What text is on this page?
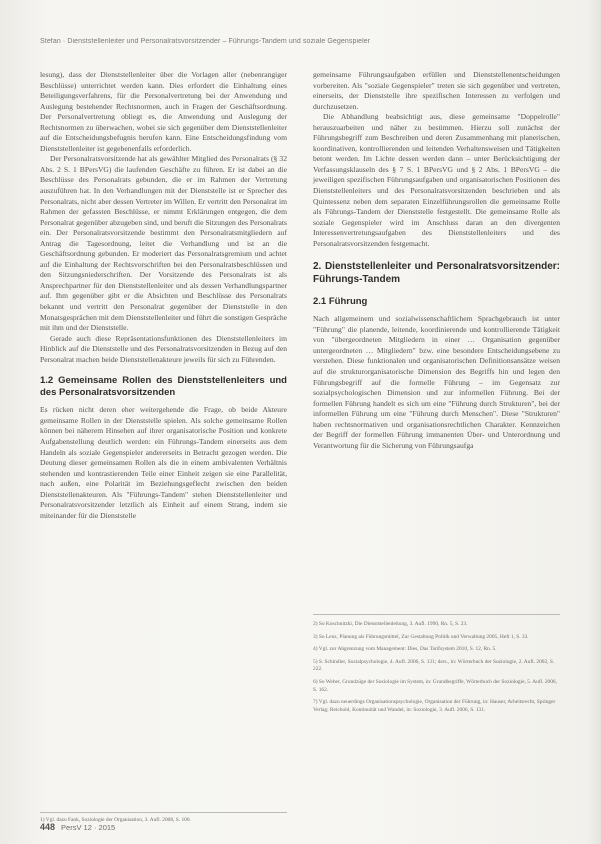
Stefan · Dienststellenleiter und Personalratsvorsitzender – Führungs-Tandem und soziale Gegenspieler

lesung), dass der Dienststellenleiter über die Vorlagen aller (nebenrangiger Beschlüsse) unterrichtet werden kann. Dies erfordert die Einhaltung eines Beteiligungsverfahrens, für die Personalvertretung bei der Anwendung und Auslegung bestehender Rechtsnormen, auch in Fragen der Geschäftsordnung. Der Personalvertretung obliegt es, die Anwendung und Auslegung der Rechtsnormen zu überwachen, wobei sie sich gegenüber dem Dienststellenleiter auf die Entscheidungsbefugnis berufen kann. Eine Entscheidungsfindung vom Dienststellenleiter ist gegebenenfalls erforderlich.

Der Personalratsvorsitzende hat als gewählter Mitglied des Personalrats (§ 32 Abs. 2 S. 1 BPersVG) die laufenden Geschäfte zu führen. Er ist dabei an die Beschlüsse des Personalrats gebunden, die er im Rahmen der Vertretung auszuführen hat. In den Verhandlungen mit der Dienststelle ist er Sprecher des Personalrats, nicht aber dessen Vertreter im Willen. Er vertritt den Personalrat im Rahmen der gefassten Beschlüsse, er nimmt Erklärungen entgegen, die dem Personalrat gegenüber abzugeben sind, und beruft die Sitzungen des Personalrats ein. Der Personalratsvorsitzende bestimmt den Personalratsmitgliedern auf Antrag die Tagesordnung, leitet die Verhandlung und ist an die Geschäftsordnung gebunden. Er moderiert das Personalratsgremium und achtet auf die Einhaltung der Rechtsvorschriften bei den Personalratsbeschlüssen und den Sitzungsniederschriften. Der Vorsitzende des Personalrats ist als Ansprechpartner für den Dienststellenleiter und als dessen Verhandlungspartner auf. Ihm gegenüber gibt er die Absichten und Beschlüsse des Personalrats bekannt und vertritt den Personalrat gegenüber der Dienststelle in den Monatsgesprächen mit dem Dienststellenleiter und führt die sonstigen Gespräche mit ihm und der Dienststelle.

Gerade auch diese Repräsentationsfunktionen des Dienststellenleiters im Hinblick auf die Dienststelle und des Personalratsvorsitzenden in Bezug auf den Personalrat machen beide Dienststellenakteure jeweils für sich zu Führenden.

1.2 Gemeinsame Rollen des Dienststellenleiters und des Personalratsvorsitzenden

Es rücken nicht deren eher weitergehende die Frage, ob beide Akteure gemeinsame Rollen in der Dienststelle spielen. Als solche gemeinsame Rollen können bei näherem Hinsehen auf ihrer organisatorische Position und konkrete Aufgabenstellung deutlich werden: ein Führungs-Tandem einerseits aus dem Handeln als soziale Gegenspieler andererseits in Betracht gezogen werden. Die Deutung dieser gemeinsamen Rollen als die in einem ambivalenten Verhältnis stehenden und kontrastierenden Teile einer Einheit zeigen sie eine Parallelität, nach außen, eine Polarität im Beziehungsgeflecht zwischen den beiden Dienststellenakteuren. Als "Führungs-Tandem" stehen Dienststellenleiter und Personalratsvorsitzender letztlich als Einheit auf einem Strang, indem sie miteinander für die Dienststelle

gemeinsame Führungsaufgaben erfüllen und Dienststellenentscheidungen vorbereiten. Als "soziale Gegenspieler" treten sie sich gegenüber und vertreten, einerseits, der Dienststelle ihre spezifischen Interessen zu verfolgen und durchzusetzen.

Die Abhandlung beabsichtigt aus, diese gemeinsame "Doppelrolle" herauszuarbeiten und näher zu bestimmen. Hierzu soll zunächst der Führungsbegriff zum Beschreiben und deren Zusammenhang mit planerischen, koordinativen, kontrollierenden und leitenden Verhaltensweisen und Tätigkeiten betont werden. Im Lichte dessen werden dann – unter Berücksichtigung der Verfassungsklauseln des § 7 S. 1 BPersVG und § 2 Abs. 1 BPersVG – die jeweiligen spezifischen Führungsaufgaben und organisatorischen Positionen des Dienststellenleiters und des Personalratsvorsitzenden beschrieben und als Quintessenz neben dem separaten Einzelführungsrollen die gemeinsame Rolle als Führungs-Tandem der Dienststelle festgestellt. Die gemeinsame Rolle als soziale Gegenspieler wird im Anschluss daran an den divergenten Interessenvertretungsaufgaben des Dienststellenleiters und des Personalratsvorsitzenden festgemacht.

2. Dienststellenleiter und Personalratsvorsitzender: Führungs-Tandem
2.1 Führung

Nach allgemeinem und sozialwissenschaftlichem Sprachgebrauch ist unter "Führung" die planende, leitende, koordinierende und kontrollierende Tätigkeit von "übergeordneten Mitgliedern in einer … Organisation gegenüber untergeordneten … Mitgliedern" bzw. eine besondere Entscheidungsebene zu verstehen. Diese funktionalen und organisatorischen Definitionsansätze weisen auf die strukturorganisatorische Dimension des Begriffs hin und legen den Führungsbegriff auf die formelle Führung – im Gegensatz zur sozialpsychologischen Dimension und zur informellen Führung. Bei der formellen Führung handelt es sich um eine "Führung durch Strukturen", bei der informellen Führung um eine "Führung durch Menschen". Diese "Strukturen" haben rechtsnormativen und organisationsrechtlichen Charakter. Kennzeichen der Begriff der formellen Führung immanenten Über- und Unterordnung und Verantwortung für die Sicherung von Führungsaufga

2) So Koschnitzki, Die Dienststellenleitung, 3. Aufl. 1990, Rn. 5, S. 23.
3) So Lenz, Planung als Führungsmittel, Zur Gestaltung Politik und Verwaltung 2005, Heft 1, S. 33.
4) Vgl. zur Abgrenzung vom Management: Dies, Das Tarifsystem 2010, S. 12, Rn. 5.
5) S. Schindler, Sozialpsychologie, 4. Aufl. 2006, S. 131; ders., in: Wörterbuch der Soziologie, 2. Aufl. 2002, S. 222.
6) So Weber, Grundzüge der Soziologie im System, in: Grundbegriffe, Wörterbuch der Soziologie, 5. Aufl. 2006, S. 162.
7) Vgl. dazu neuerdings Organisationspsychologie, Organisation der Führung, in: Hauser, Arbeitsrecht, Springer Verlag; Reichold, Kontinuität und Wandel, in: Soziologie, 3. Aufl. 2006, S. 131.
1) Vgl. dazu Fank, Soziologie der Organisation, 3. Aufl. 2008, S. 100.
448 PersV 12 · 2015
